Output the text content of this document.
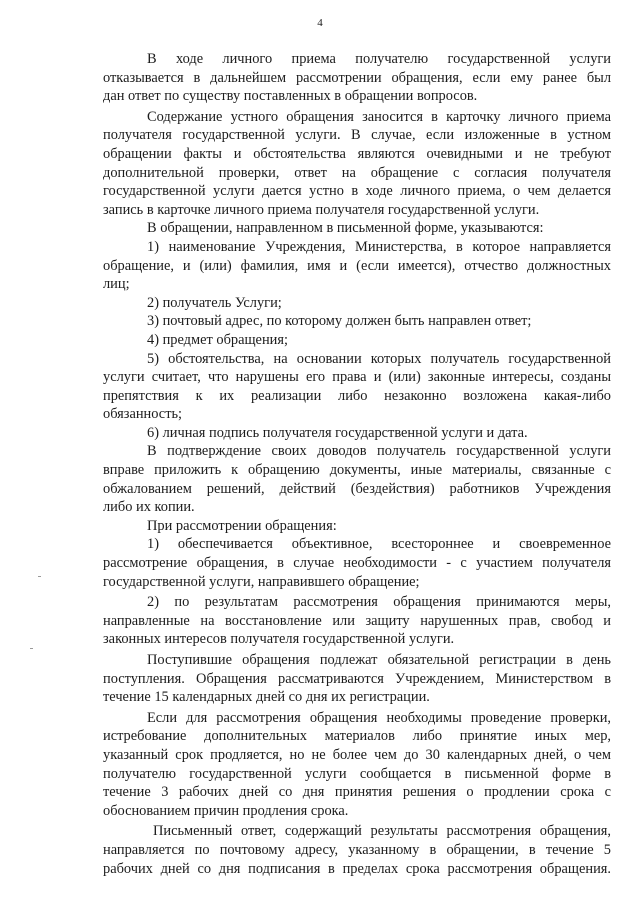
4
В ходе личного приема получателю государственной услуги
отказывается в дальнейшем рассмотрении обращения, если ему ранее был
дан ответ по существу поставленных в обращении вопросов.
Содержание устного обращения заносится в карточку личного приема
получателя государственной услуги. В случае, если изложенные в устном
обращении факты и обстоятельства являются очевидными и не требуют
дополнительной проверки, ответ на обращение с согласия получателя
государственной услуги дается устно в ходе личного приема, о чем делается
запись в карточке личного приема получателя государственной услуги.
В обращении, направленном в письменной форме, указываются:
1) наименование Учреждения, Министерства, в которое направляется
обращение, и (или) фамилия, имя и (если имеется), отчество должностных
лиц;
2) получатель Услуги;
3) почтовый адрес, по которому должен быть направлен ответ;
4) предмет обращения;
5) обстоятельства, на основании которых получатель государственной
услуги считает, что нарушены его права и (или) законные интересы, созданы
препятствия к их реализации либо незаконно возложена какая-либо
обязанность;
6) личная подпись получателя государственной услуги и дата.
В подтверждение своих доводов получатель государственной услуги
вправе приложить к обращению документы, иные материалы, связанные с
обжалованием решений, действий (бездействия) работников Учреждения
либо их копии.
При рассмотрении обращения:
1) обеспечивается объективное, всестороннее и своевременное
рассмотрение обращения, в случае необходимости - с участием получателя
государственной услуги, направившего обращение;
2) по результатам рассмотрения обращения принимаются меры,
направленные на восстановление или защиту нарушенных прав, свобод и
законных интересов получателя государственной услуги.
Поступившие обращения подлежат обязательной регистрации в день
поступления. Обращения рассматриваются Учреждением, Министерством в
течение 15 календарных дней со дня их регистрации.
Если для рассмотрения обращения необходимы проведение проверки,
истребование дополнительных материалов либо принятие иных мер,
указанный срок продляется, но не более чем до 30 календарных дней, о чем
получателю государственной услуги сообщается в письменной форме в
течение 3 рабочих дней со дня принятия решения о продлении срока с
обоснованием причин продления срока.
Письменный ответ, содержащий результаты рассмотрения обращения,
направляется по почтовому адресу, указанному в обращении, в течение 5
рабочих дней со дня подписания в пределах срока рассмотрения обращения.
